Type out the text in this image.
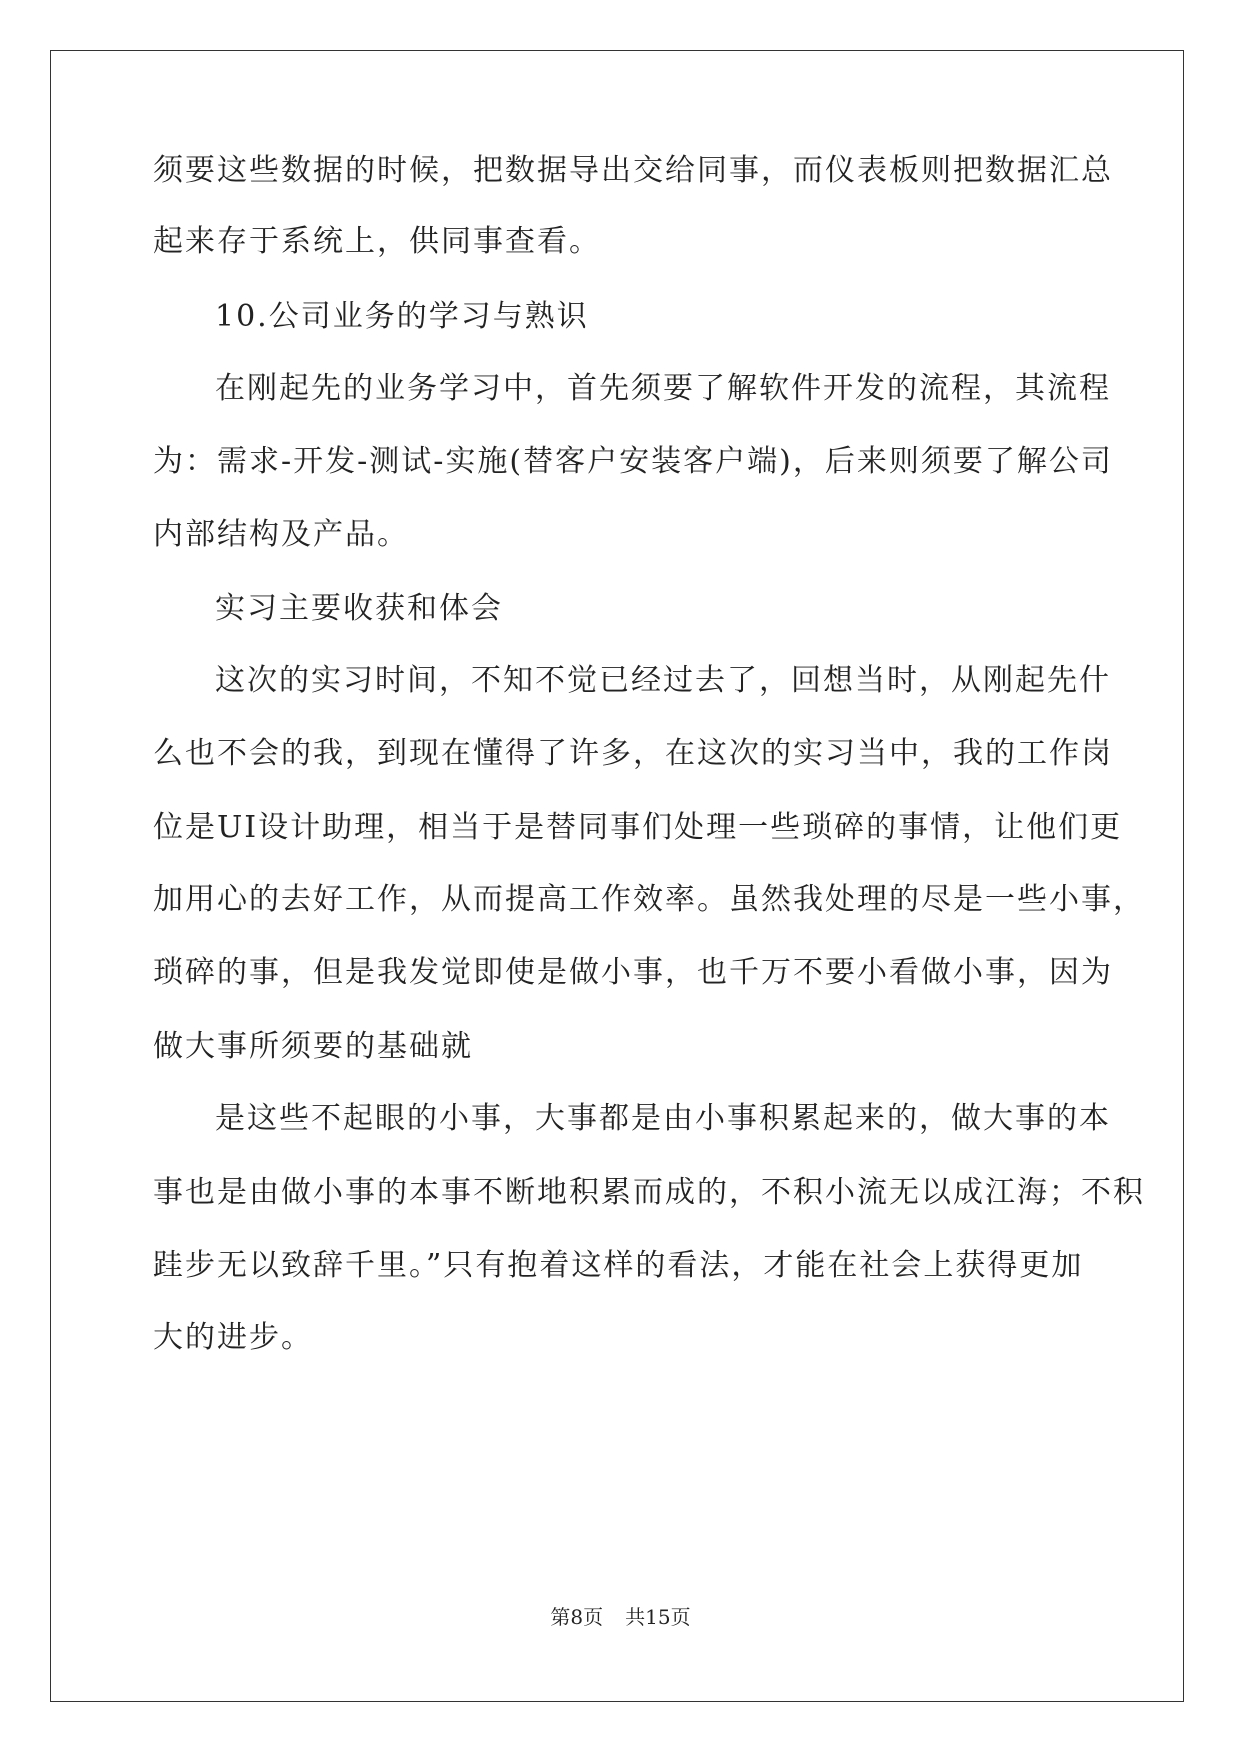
须要这些数据的时候，把数据导出交给同事，而仪表板则把数据汇总
起来存于系统上，供同事查看。
10.公司业务的学习与熟识
在刚起先的业务学习中，首先须要了解软件开发的流程，其流程
为：需求-开发-测试-实施(替客户安装客户端)，后来则须要了解公司
内部结构及产品。
实习主要收获和体会
这次的实习时间，不知不觉已经过去了，回想当时，从刚起先什
么也不会的我，到现在懂得了许多，在这次的实习当中，我的工作岗
位是UI设计助理，相当于是替同事们处理一些琐碎的事情，让他们更
加用心的去好工作，从而提高工作效率。虽然我处理的尽是一些小事，
琐碎的事，但是我发觉即使是做小事，也千万不要小看做小事，因为
做大事所须要的基础就
是这些不起眼的小事，大事都是由小事积累起来的，做大事的本
事也是由做小事的本事不断地积累而成的，不积小流无以成江海；不积
跬步无以致辞千里。”只有抱着这样的看法，才能在社会上获得更加
大的进步。
第8页 共15页
